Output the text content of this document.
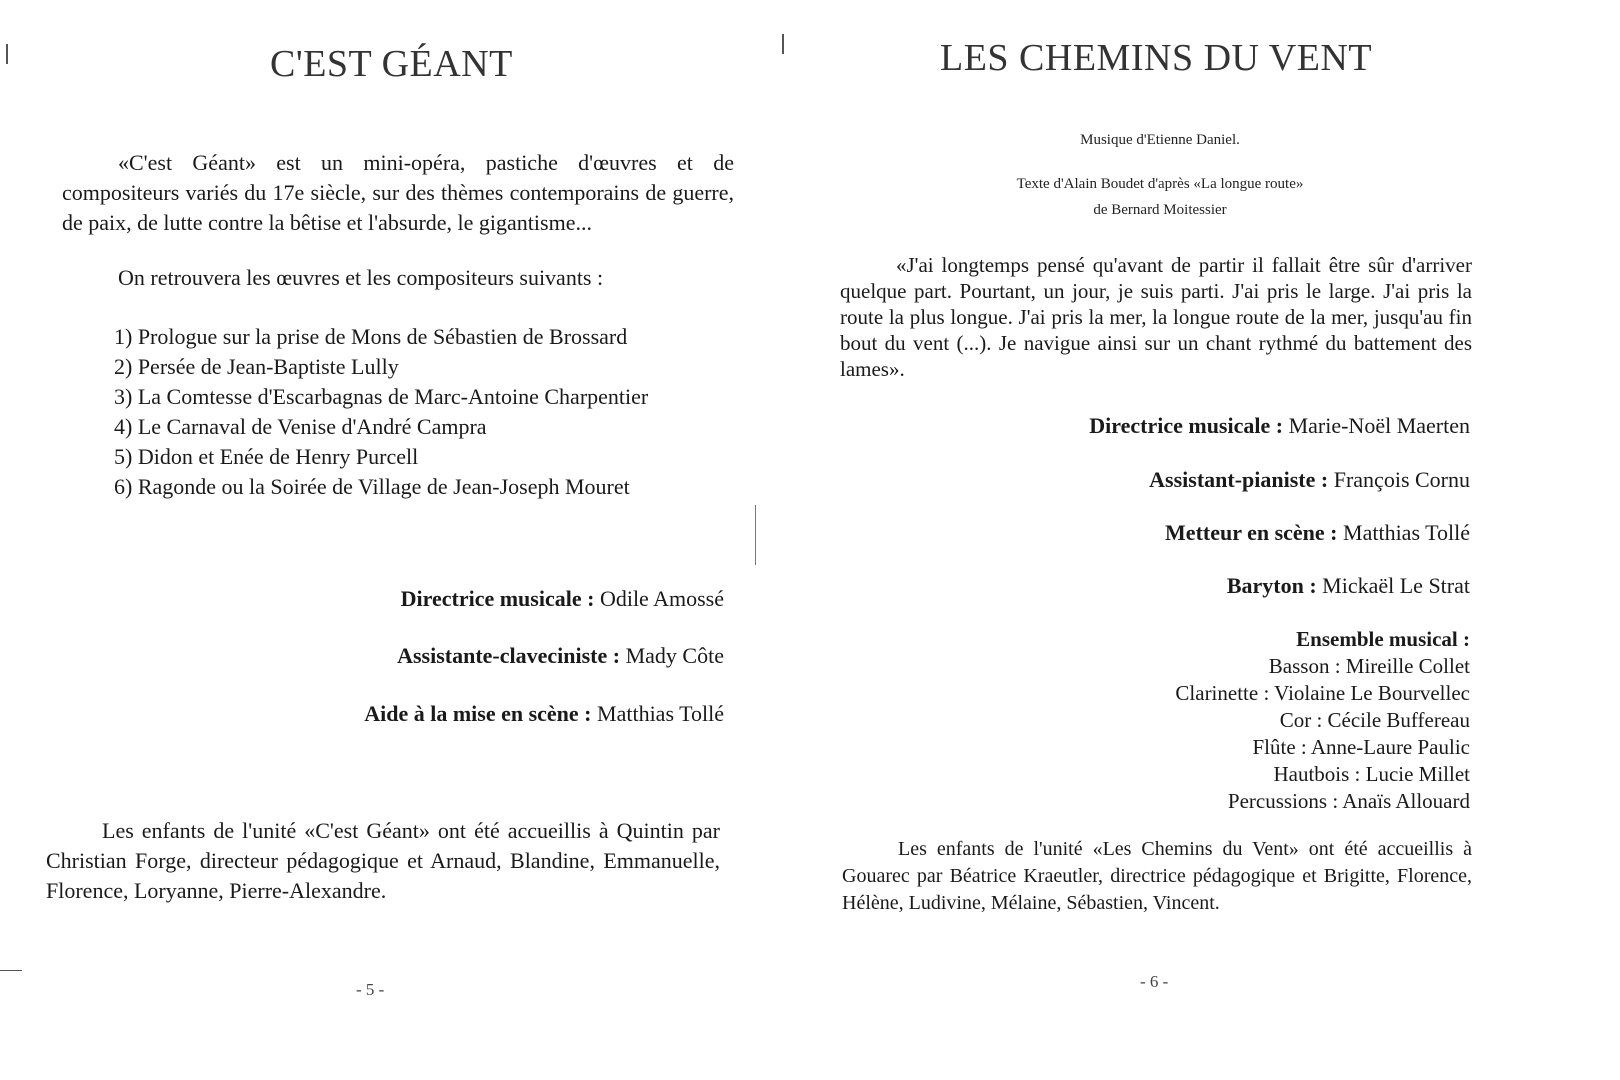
C'EST GÉANT

«C'est Géant» est un mini-opéra, pastiche d'œuvres et de compositeurs variés du 17e siècle, sur des thèmes contemporains de guerre, de paix, de lutte contre la bêtise et l'absurde, le gigantisme...

On retrouvera les œuvres et les compositeurs suivants :

1) Prologue sur la prise de Mons de Sébastien de Brossard
2) Persée de Jean-Baptiste Lully
3) La Comtesse d'Escarbagnas de Marc-Antoine Charpentier
4) Le Carnaval de Venise d'André Campra
5) Didon et Enée de Henry Purcell
6) Ragonde ou la Soirée de Village de Jean-Joseph Mouret

Directrice musicale : Odile Amossé

Assistante-claveciniste : Mady Côte

Aide à la mise en scène : Matthias Tollé

Les enfants de l'unité «C'est Géant» ont été accueillis à Quintin par Christian Forge, directeur pédagogique et Arnaud, Blandine, Emmanuelle, Florence, Loryanne, Pierre-Alexandre.

- 5 -

LES CHEMINS DU VENT

Musique d'Etienne Daniel.

Texte d'Alain Boudet d'après «La longue route»

de Bernard Moitessier

«J'ai longtemps pensé qu'avant de partir il fallait être sûr d'arriver quelque part. Pourtant, un jour, je suis parti. J'ai pris le large. J'ai pris la route la plus longue. J'ai pris la mer, la longue route de la mer, jusqu'au fin bout du vent (...). Je navigue ainsi sur un chant rythmé du battement des lames».

Directrice musicale : Marie-Noël Maerten

Assistant-pianiste : François Cornu

Metteur en scène : Matthias Tollé

Baryton : Mickaël Le Strat

Ensemble musical :

Basson : Mireille Collet

Clarinette : Violaine Le Bourvellec

Cor : Cécile Buffereau

Flûte : Anne-Laure Paulic

Hautbois : Lucie Millet

Percussions : Anaïs Allouard

Les enfants de l'unité «Les Chemins du Vent» ont été accueillis à Gouarec par Béatrice Kraeutler, directrice pédagogique et Brigitte, Florence, Hélène, Ludivine, Mélaine, Sébastien, Vincent.

- 6 -
